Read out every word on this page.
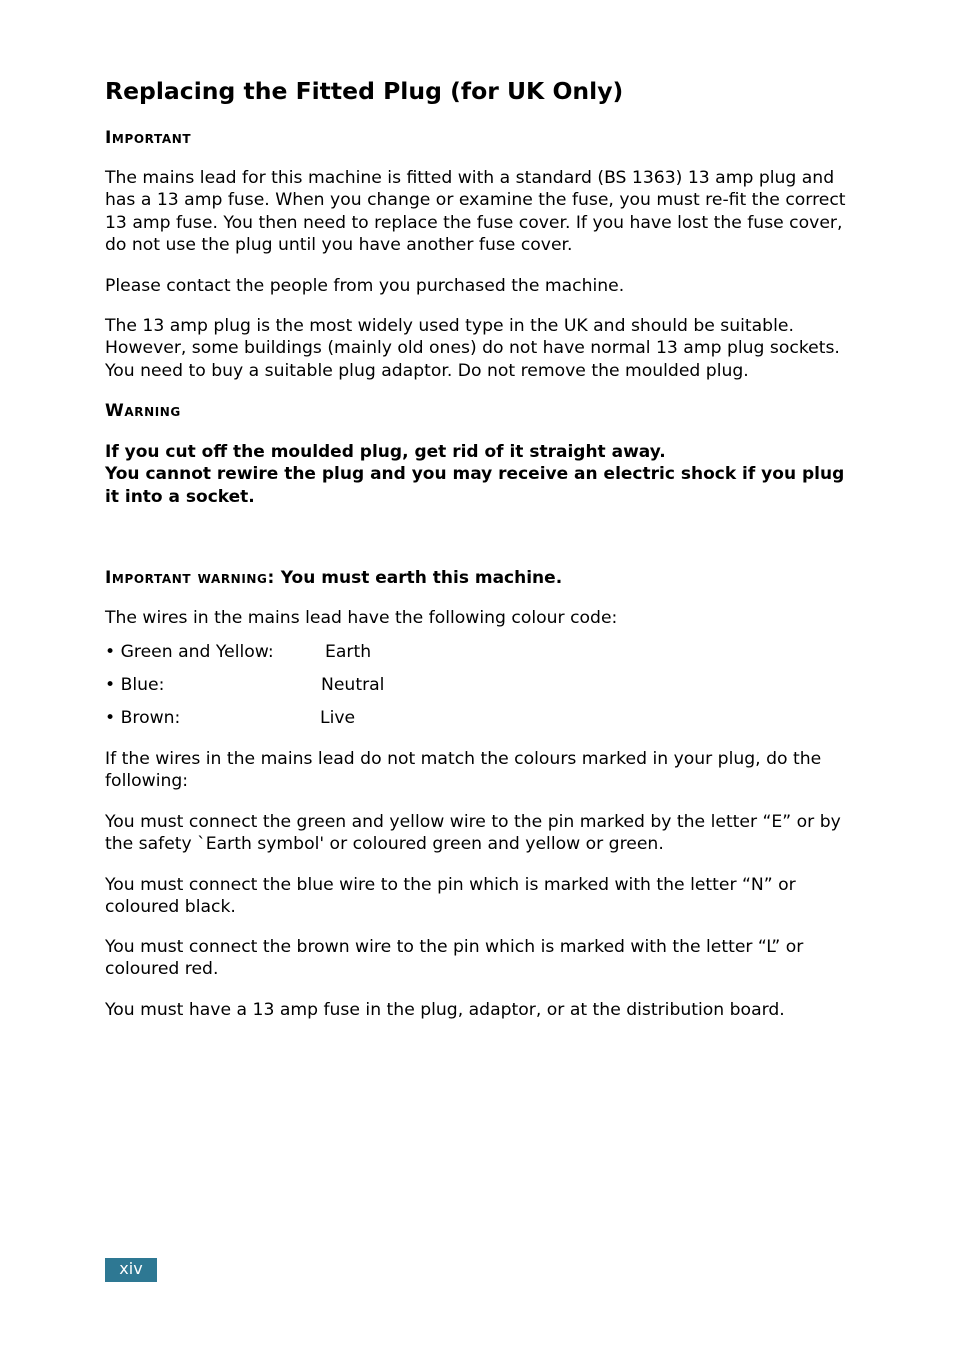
Replacing the Fitted Plug (for UK Only)
Important

The mains lead for this machine is fitted with a standard (BS 1363) 13 amp plug and
has a 13 amp fuse. When you change or examine the fuse, you must re-fit the correct
13 amp fuse. You then need to replace the fuse cover. If you have lost the fuse cover,
do not use the plug until you have another fuse cover.

Please contact the people from you purchased the machine.

The 13 amp plug is the most widely used type in the UK and should be suitable.
However, some buildings (mainly old ones) do not have normal 13 amp plug sockets.
You need to buy a suitable plug adaptor. Do not remove the moulded plug.

Warning

If you cut off the moulded plug, get rid of it straight away.
You cannot rewire the plug and you may receive an electric shock if you plug
it into a socket.

Important warning: You must earth this machine.

The wires in the mains lead have the following colour code:

• Green and Yellow:	Earth
• Blue:	Neutral
• Brown:	Live

If the wires in the mains lead do not match the colours marked in your plug, do the
following:

You must connect the green and yellow wire to the pin marked by the letter “E” or by
the safety `Earth symbol' or coloured green and yellow or green.

You must connect the blue wire to the pin which is marked with the letter “N” or
coloured black.

You must connect the brown wire to the pin which is marked with the letter “L” or
coloured red.

You must have a 13 amp fuse in the plug, adaptor, or at the distribution board.

xiv
